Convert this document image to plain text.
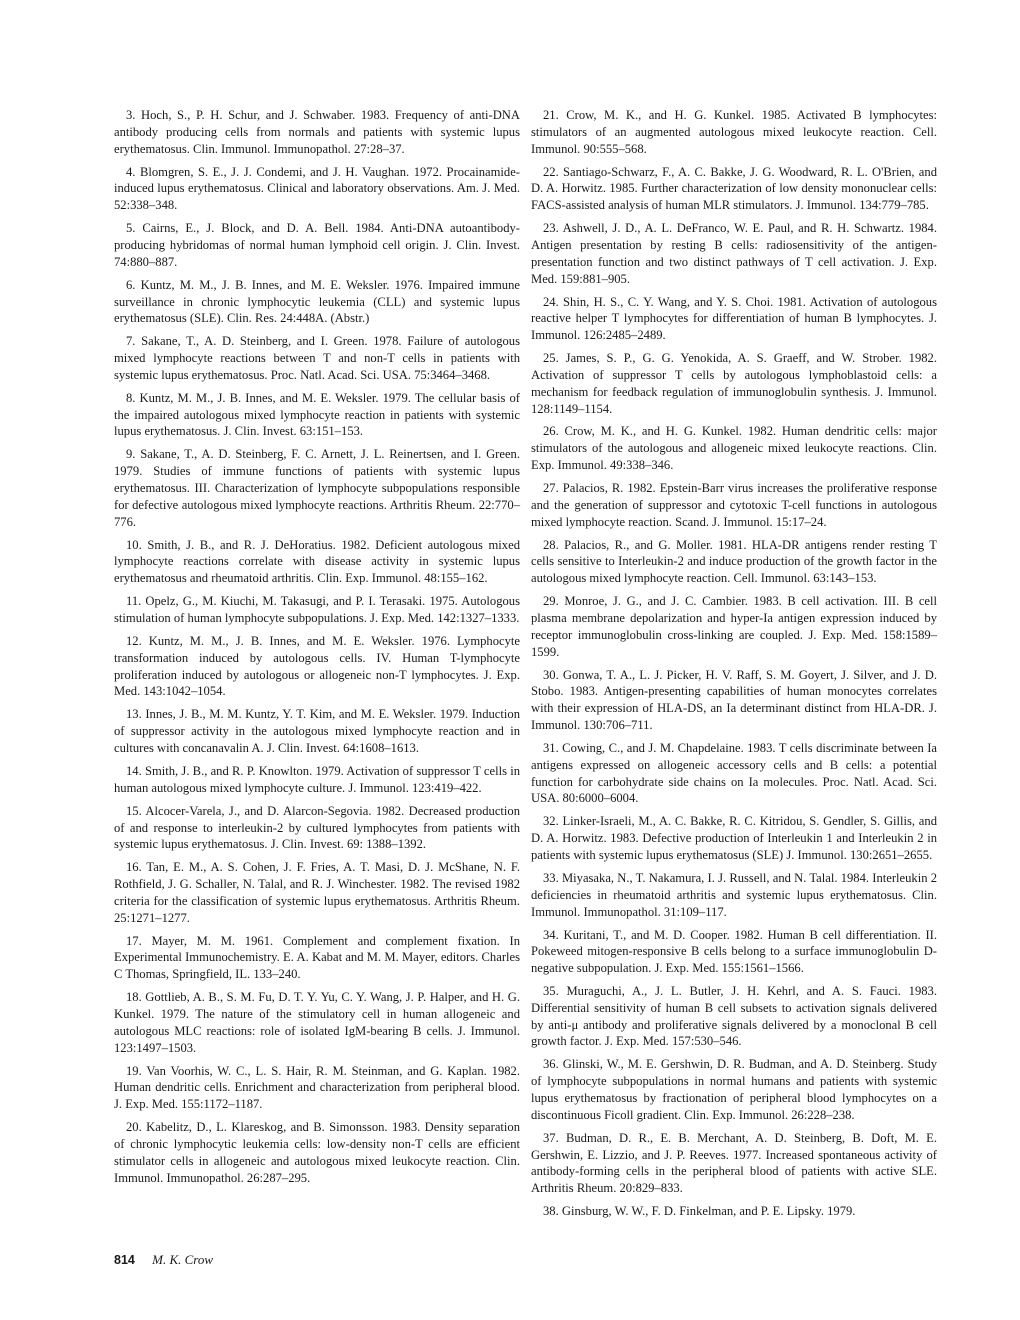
3. Hoch, S., P. H. Schur, and J. Schwaber. 1983. Frequency of anti-DNA antibody producing cells from normals and patients with systemic lupus erythematosus. Clin. Immunol. Immunopathol. 27:28–37.

4. Blomgren, S. E., J. J. Condemi, and J. H. Vaughan. 1972. Procainamide-induced lupus erythematosus. Clinical and laboratory observations. Am. J. Med. 52:338–348.

5. Cairns, E., J. Block, and D. A. Bell. 1984. Anti-DNA autoantibody-producing hybridomas of normal human lymphoid cell origin. J. Clin. Invest. 74:880–887.

6. Kuntz, M. M., J. B. Innes, and M. E. Weksler. 1976. Impaired immune surveillance in chronic lymphocytic leukemia (CLL) and systemic lupus erythematosus (SLE). Clin. Res. 24:448A. (Abstr.)

7. Sakane, T., A. D. Steinberg, and I. Green. 1978. Failure of autologous mixed lymphocyte reactions between T and non-T cells in patients with systemic lupus erythematosus. Proc. Natl. Acad. Sci. USA. 75:3464–3468.

8. Kuntz, M. M., J. B. Innes, and M. E. Weksler. 1979. The cellular basis of the impaired autologous mixed lymphocyte reaction in patients with systemic lupus erythematosus. J. Clin. Invest. 63:151–153.

9. Sakane, T., A. D. Steinberg, F. C. Arnett, J. L. Reinertsen, and I. Green. 1979. Studies of immune functions of patients with systemic lupus erythematosus. III. Characterization of lymphocyte subpopulations responsible for defective autologous mixed lymphocyte reactions. Arthritis Rheum. 22:770–776.

10. Smith, J. B., and R. J. DeHoratius. 1982. Deficient autologous mixed lymphocyte reactions correlate with disease activity in systemic lupus erythematosus and rheumatoid arthritis. Clin. Exp. Immunol. 48:155–162.

11. Opelz, G., M. Kiuchi, M. Takasugi, and P. I. Terasaki. 1975. Autologous stimulation of human lymphocyte subpopulations. J. Exp. Med. 142:1327–1333.

12. Kuntz, M. M., J. B. Innes, and M. E. Weksler. 1976. Lymphocyte transformation induced by autologous cells. IV. Human T-lymphocyte proliferation induced by autologous or allogeneic non-T lymphocytes. J. Exp. Med. 143:1042–1054.

13. Innes, J. B., M. M. Kuntz, Y. T. Kim, and M. E. Weksler. 1979. Induction of suppressor activity in the autologous mixed lymphocyte reaction and in cultures with concanavalin A. J. Clin. Invest. 64:1608–1613.

14. Smith, J. B., and R. P. Knowlton. 1979. Activation of suppressor T cells in human autologous mixed lymphocyte culture. J. Immunol. 123:419–422.

15. Alcocer-Varela, J., and D. Alarcon-Segovia. 1982. Decreased production of and response to interleukin-2 by cultured lymphocytes from patients with systemic lupus erythematosus. J. Clin. Invest. 69: 1388–1392.

16. Tan, E. M., A. S. Cohen, J. F. Fries, A. T. Masi, D. J. McShane, N. F. Rothfield, J. G. Schaller, N. Talal, and R. J. Winchester. 1982. The revised 1982 criteria for the classification of systemic lupus erythematosus. Arthritis Rheum. 25:1271–1277.

17. Mayer, M. M. 1961. Complement and complement fixation. In Experimental Immunochemistry. E. A. Kabat and M. M. Mayer, editors. Charles C Thomas, Springfield, IL. 133–240.

18. Gottlieb, A. B., S. M. Fu, D. T. Y. Yu, C. Y. Wang, J. P. Halper, and H. G. Kunkel. 1979. The nature of the stimulatory cell in human allogeneic and autologous MLC reactions: role of isolated IgM-bearing B cells. J. Immunol. 123:1497–1503.

19. Van Voorhis, W. C., L. S. Hair, R. M. Steinman, and G. Kaplan. 1982. Human dendritic cells. Enrichment and characterization from peripheral blood. J. Exp. Med. 155:1172–1187.

20. Kabelitz, D., L. Klareskog, and B. Simonsson. 1983. Density separation of chronic lymphocytic leukemia cells: low-density non-T cells are efficient stimulator cells in allogeneic and autologous mixed leukocyte reaction. Clin. Immunol. Immunopathol. 26:287–295.

21. Crow, M. K., and H. G. Kunkel. 1985. Activated B lymphocytes: stimulators of an augmented autologous mixed leukocyte reaction. Cell. Immunol. 90:555–568.

22. Santiago-Schwarz, F., A. C. Bakke, J. G. Woodward, R. L. O'Brien, and D. A. Horwitz. 1985. Further characterization of low density mononuclear cells: FACS-assisted analysis of human MLR stimulators. J. Immunol. 134:779–785.

23. Ashwell, J. D., A. L. DeFranco, W. E. Paul, and R. H. Schwartz. 1984. Antigen presentation by resting B cells: radiosensitivity of the antigen-presentation function and two distinct pathways of T cell activation. J. Exp. Med. 159:881–905.

24. Shin, H. S., C. Y. Wang, and Y. S. Choi. 1981. Activation of autologous reactive helper T lymphocytes for differentiation of human B lymphocytes. J. Immunol. 126:2485–2489.

25. James, S. P., G. G. Yenokida, A. S. Graeff, and W. Strober. 1982. Activation of suppressor T cells by autologous lymphoblastoid cells: a mechanism for feedback regulation of immunoglobulin synthesis. J. Immunol. 128:1149–1154.

26. Crow, M. K., and H. G. Kunkel. 1982. Human dendritic cells: major stimulators of the autologous and allogeneic mixed leukocyte reactions. Clin. Exp. Immunol. 49:338–346.

27. Palacios, R. 1982. Epstein-Barr virus increases the proliferative response and the generation of suppressor and cytotoxic T-cell functions in autologous mixed lymphocyte reaction. Scand. J. Immunol. 15:17–24.

28. Palacios, R., and G. Moller. 1981. HLA-DR antigens render resting T cells sensitive to Interleukin-2 and induce production of the growth factor in the autologous mixed lymphocyte reaction. Cell. Immunol. 63:143–153.

29. Monroe, J. G., and J. C. Cambier. 1983. B cell activation. III. B cell plasma membrane depolarization and hyper-Ia antigen expression induced by receptor immunoglobulin cross-linking are coupled. J. Exp. Med. 158:1589–1599.

30. Gonwa, T. A., L. J. Picker, H. V. Raff, S. M. Goyert, J. Silver, and J. D. Stobo. 1983. Antigen-presenting capabilities of human monocytes correlates with their expression of HLA-DS, an Ia determinant distinct from HLA-DR. J. Immunol. 130:706–711.

31. Cowing, C., and J. M. Chapdelaine. 1983. T cells discriminate between Ia antigens expressed on allogeneic accessory cells and B cells: a potential function for carbohydrate side chains on Ia molecules. Proc. Natl. Acad. Sci. USA. 80:6000–6004.

32. Linker-Israeli, M., A. C. Bakke, R. C. Kitridou, S. Gendler, S. Gillis, and D. A. Horwitz. 1983. Defective production of Interleukin 1 and Interleukin 2 in patients with systemic lupus erythematosus (SLE) J. Immunol. 130:2651–2655.

33. Miyasaka, N., T. Nakamura, I. J. Russell, and N. Talal. 1984. Interleukin 2 deficiencies in rheumatoid arthritis and systemic lupus erythematosus. Clin. Immunol. Immunopathol. 31:109–117.

34. Kuritani, T., and M. D. Cooper. 1982. Human B cell differentiation. II. Pokeweed mitogen-responsive B cells belong to a surface immunoglobulin D-negative subpopulation. J. Exp. Med. 155:1561–1566.

35. Muraguchi, A., J. L. Butler, J. H. Kehrl, and A. S. Fauci. 1983. Differential sensitivity of human B cell subsets to activation signals delivered by anti-μ antibody and proliferative signals delivered by a monoclonal B cell growth factor. J. Exp. Med. 157:530–546.

36. Glinski, W., M. E. Gershwin, D. R. Budman, and A. D. Steinberg. Study of lymphocyte subpopulations in normal humans and patients with systemic lupus erythematosus by fractionation of peripheral blood lymphocytes on a discontinuous Ficoll gradient. Clin. Exp. Immunol. 26:228–238.

37. Budman, D. R., E. B. Merchant, A. D. Steinberg, B. Doft, M. E. Gershwin, E. Lizzio, and J. P. Reeves. 1977. Increased spontaneous activity of antibody-forming cells in the peripheral blood of patients with active SLE. Arthritis Rheum. 20:829–833.

38. Ginsburg, W. W., F. D. Finkelman, and P. E. Lipsky. 1979.

814 M. K. Crow
